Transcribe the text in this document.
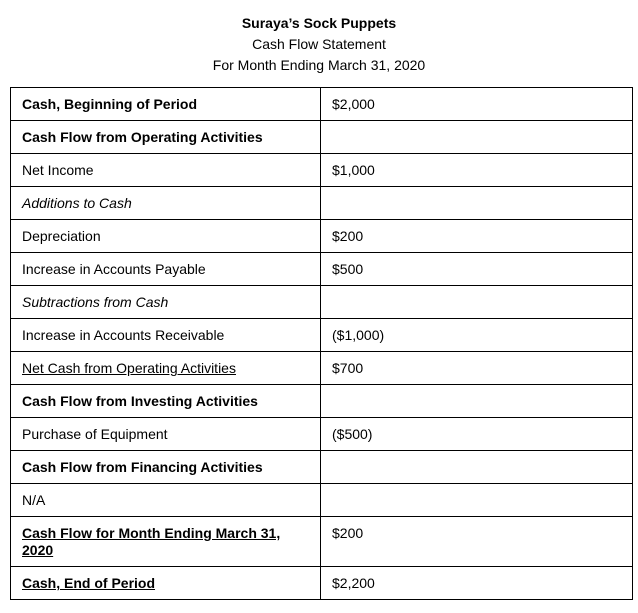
Suraya’s Sock Puppets
Cash Flow Statement
For Month Ending March 31, 2020
Cash, Beginning of Period	$2,000
Cash Flow from Operating Activities	
Net Income	$1,000
Additions to Cash	
Depreciation	$200
Increase in Accounts Payable	$500
Subtractions from Cash	
Increase in Accounts Receivable	($1,000)
Net Cash from Operating Activities	$700
Cash Flow from Investing Activities	
Purchase of Equipment	($500)
Cash Flow from Financing Activities	
N/A	
Cash Flow for Month Ending March 31, 2020	$200
Cash, End of Period	$2,200
